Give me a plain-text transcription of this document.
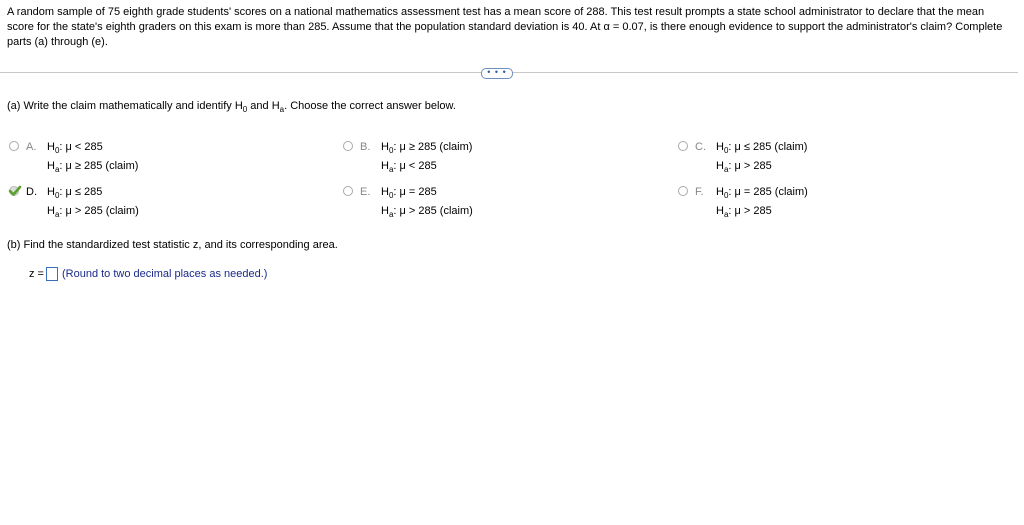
A random sample of 75 eighth grade students' scores on a national mathematics assessment test has a mean score of 288. This test result prompts a state school administrator to declare that the mean score for the state's eighth graders on this exam is more than 285. Assume that the population standard deviation is 40. At α = 0.07, is there enough evidence to support the administrator's claim? Complete parts (a) through (e).
• • •
(a) Write the claim mathematically and identify $H_0$ and $H_a$. Choose the correct answer below.
A. $H_0$: μ < 285
$H_a$: μ ≥ 285 (claim)
B. $H_0$: μ ≥ 285 (claim)
$H_a$: μ < 285
C. $H_0$: μ ≤ 285 (claim)
$H_a$: μ > 285
D. $H_0$: μ ≤ 285
$H_a$: μ > 285 (claim)
E. $H_0$: μ = 285
$H_a$: μ > 285 (claim)
F. $H_0$: μ = 285 (claim)
$H_a$: μ > 285
(b) Find the standardized test statistic z, and its corresponding area.
z = (Round to two decimal places as needed.)
